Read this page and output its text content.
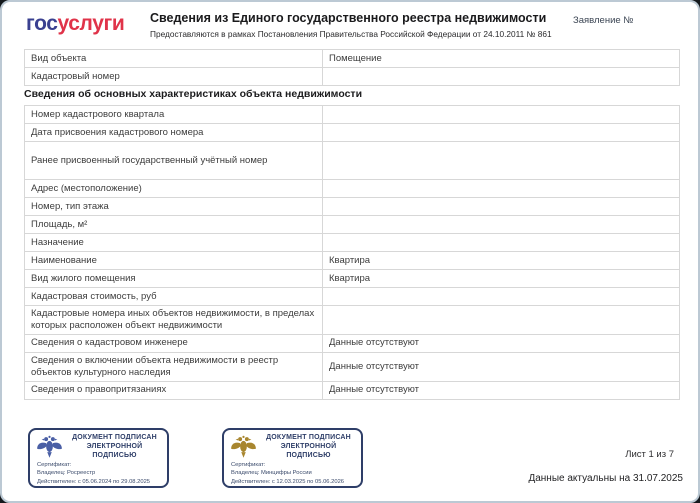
госуслуги Сведения из Единого государственного реестра недвижимости
Предоставляются в рамках Постановления Правительства Российской Федерации от 24.10.2011 № 861
Заявление №
Вид объекта	Помещение
Кадастровый номер	
Сведения об основных характеристиках объекта недвижимости
Номер кадастрового квартала	
Дата присвоения кадастрового номера	
Ранее присвоенный государственный учётный номер	
Адрес (местоположение)	
Номер, тип этажа	
Площадь, м²	
Назначение	
Наименование	Квартира
Вид жилого помещения	Квартира
Кадастровая стоимость, руб	
Кадастровые номера иных объектов недвижимости, в пределах которых расположен объект недвижимости	
Сведения о кадастровом инженере	Данные отсутствуют
Сведения о включении объекта недвижимости в реестр объектов культурного наследия	Данные отсутствуют
Сведения о правопритязаниях	Данные отсутствуют
ДОКУМЕНТ ПОДПИСАН
ЭЛЕКТРОННОЙ
ПОДПИСЬЮ
Сертификат:
Владелец: Росреестр
Действителен: с 05.06.2024 по 29.08.2025
ДОКУМЕНТ ПОДПИСАН
ЭЛЕКТРОННОЙ
ПОДПИСЬЮ
Сертификат:
Владелец: Минцифры России
Действителен: с 12.03.2025 по 05.06.2026
Лист 1 из 7
Данные актуальны на 31.07.2025
